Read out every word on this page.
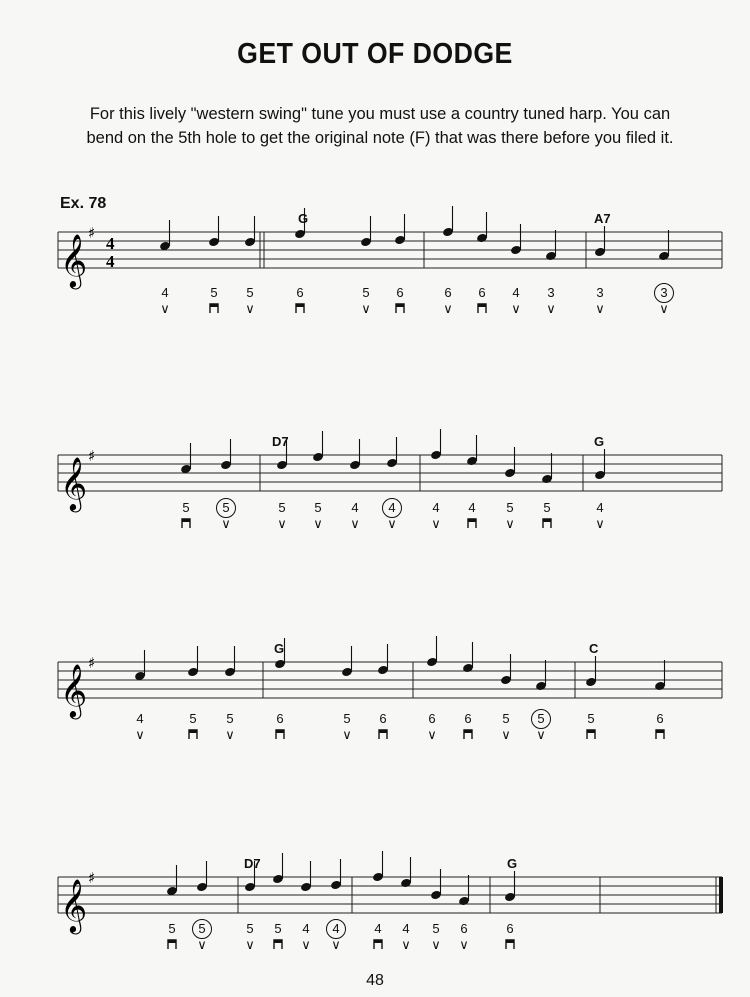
GET OUT OF DODGE
For this lively "western swing" tune you must use a country tuned harp. You can
bend on the 5th hole to get the original note (F) that was there before you filed it.
Ex. 78
𝄞 ♯
4
4
G	A7
4
∨
5	5
∨
6	5
∨
6	6
∨
6	4
∨
3
∨
3
∨
3
∨
𝄞 ♯
D7	G
5	5
∨
5
∨
5
∨
4
∨
4
∨
4
∨
4	5
∨
5	4
∨
𝄞 ♯
G	C
4
∨
5	5
∨
6	5
∨
6	6
∨
6	5
∨
5
∨
5	6
𝄞 ♯
D7	G
5	5
∨
5
∨
5	4
∨
4
∨
4	4
∨
5
∨
6
∨
6
48
